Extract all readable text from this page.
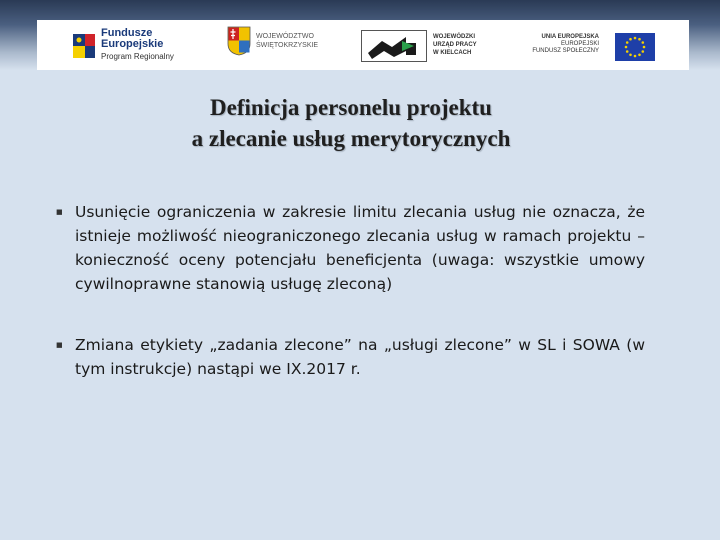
Fundusze
Europejskie
Program Regionalny
WOJEWÓDZTWO
ŚWIĘTOKRZYSKIE
WOJEWÓDZKI
URZĄD PRACY
W KIELCACH
UNIA EUROPEJSKA
EUROPEJSKI
FUNDUSZ SPOŁECZNY
Definicja personelu projektu
a zlecanie usług merytorycznych
■ Usunięcie ograniczenia w zakresie limitu zlecania usług nie oznacza, że istnieje możliwość nieograniczonego zlecania usług w ramach projektu – konieczność oceny potencjału beneficjenta (uwaga: wszystkie umowy cywilnoprawne stanowią usługę zleconą)

■ Zmiana etykiety „zadania zlecone” na „usługi zlecone” w SL i SOWA (w tym instrukcje) nastąpi we IX.2017 r.
